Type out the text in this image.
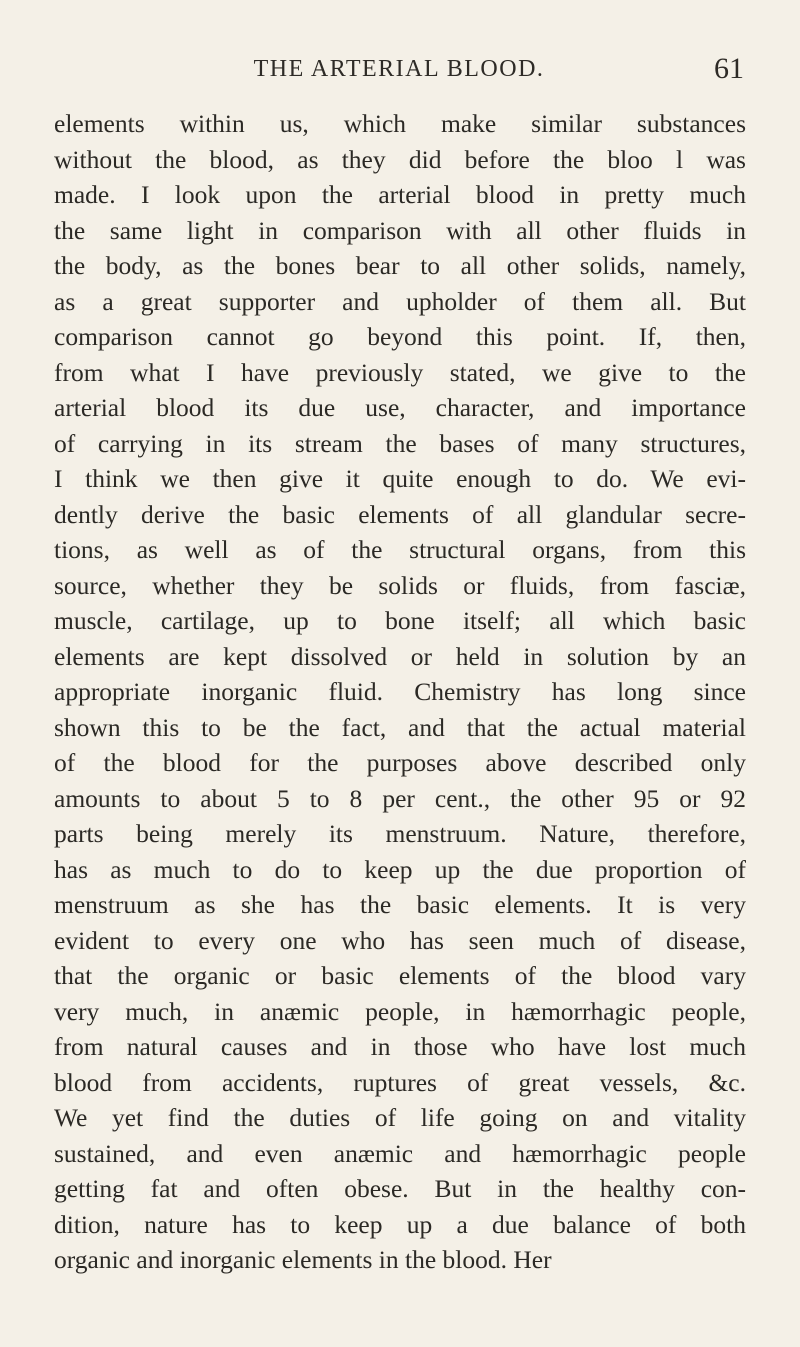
THE ARTERIAL BLOOD.	61
elements within us, which make similar substances
without the blood, as they did before the bloo l was
made. I look upon the arterial blood in pretty much
the same light in comparison with all other fluids in
the body, as the bones bear to all other solids, namely,
as a great supporter and upholder of them all. But
comparison cannot go beyond this point. If, then,
from what I have previously stated, we give to the
arterial blood its due use, character, and importance
of carrying in its stream the bases of many structures,
I think we then give it quite enough to do. We evi-
dently derive the basic elements of all glandular secre-
tions, as well as of the structural organs, from this
source, whether they be solids or fluids, from fasciæ,
muscle, cartilage, up to bone itself; all which basic
elements are kept dissolved or held in solution by an
appropriate inorganic fluid. Chemistry has long since
shown this to be the fact, and that the actual material
of the blood for the purposes above described only
amounts to about 5 to 8 per cent., the other 95 or 92
parts being merely its menstruum. Nature, therefore,
has as much to do to keep up the due proportion of
menstruum as she has the basic elements. It is very
evident to every one who has seen much of disease,
that the organic or basic elements of the blood vary
very much, in anæmic people, in hæmorrhagic people,
from natural causes and in those who have lost much
blood from accidents, ruptures of great vessels, &c.
We yet find the duties of life going on and vitality
sustained, and even anæmic and hæmorrhagic people
getting fat and often obese. But in the healthy con-
dition, nature has to keep up a due balance of both
organic and inorganic elements in the blood. Her
